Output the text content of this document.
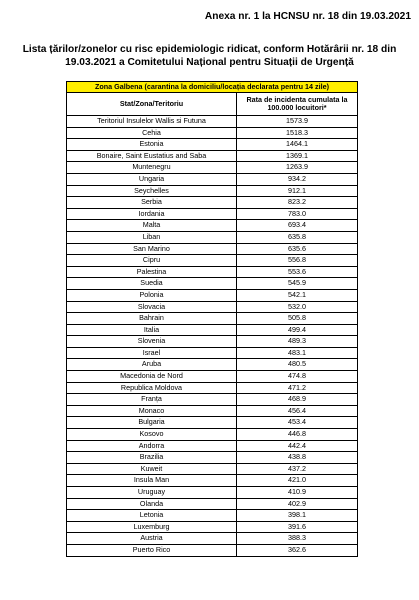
Anexa nr. 1 la HCNSU nr. 18 din 19.03.2021
Lista țărilor/zonelor cu risc epidemiologic ridicat, conform Hotărârii nr. 18 din 19.03.2021 a Comitetului Național pentru Situații de Urgență
Zona Galbena (carantina la domiciliu/locația declarata pentru 14 zile)	
Stat/Zona/Teritoriu	Rata de incidenta cumulata la 100.000 locuitori*
Teritoriul Insulelor Wallis si Futuna	1573.9
Cehia	1518.3
Estonia	1464.1
Bonaire, Saint Eustatius and Saba	1369.1
Muntenegru	1263.9
Ungaria	934.2
Seychelles	912.1
Serbia	823.2
Iordania	783.0
Malta	693.4
Liban	635.8
San Marino	635.6
Cipru	556.8
Palestina	553.6
Suedia	545.9
Polonia	542.1
Slovacia	532.0
Bahrain	505.8
Italia	499.4
Slovenia	489.3
Israel	483.1
Aruba	480.5
Macedonia de Nord	474.8
Republica Moldova	471.2
Franța	468.9
Monaco	456.4
Bulgaria	453.4
Kosovo	446.8
Andorra	442.4
Brazilia	438.8
Kuweit	437.2
Insula Man	421.0
Uruguay	410.9
Olanda	402.9
Letonia	398.1
Luxemburg	391.6
Austria	388.3
Puerto Rico	362.6
